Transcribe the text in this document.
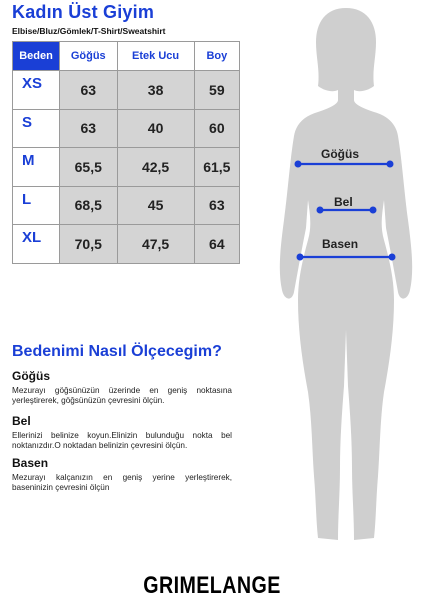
Kadın Üst Giyim
Elbise/Bluz/Gömlek/T-Shirt/Sweatshirt
Beden	Göğüs	Etek Ucu	Boy
XS	63	38	59
S	63	40	60
M	65,5	42,5	61,5
L	68,5	45	63
XL	70,5	47,5	64
Göğüs
Bel
Basen
Bedenimi Nasıl Ölçecegim?
Göğüs
Mezurayı göğsünüzün üzerinde en geniş noktasına yerleştirerek, göğsünüzün çevresini ölçün.
Bel
Ellerinizi belinize koyun.Elinizin bulunduğu nokta bel noktanızdır.O noktadan belinizin çevresini ölçün.
Basen
Mezurayı kalçanızın en geniş yerine yerleştirerek, baseninizin çevresini ölçün
GRIMELANGE
